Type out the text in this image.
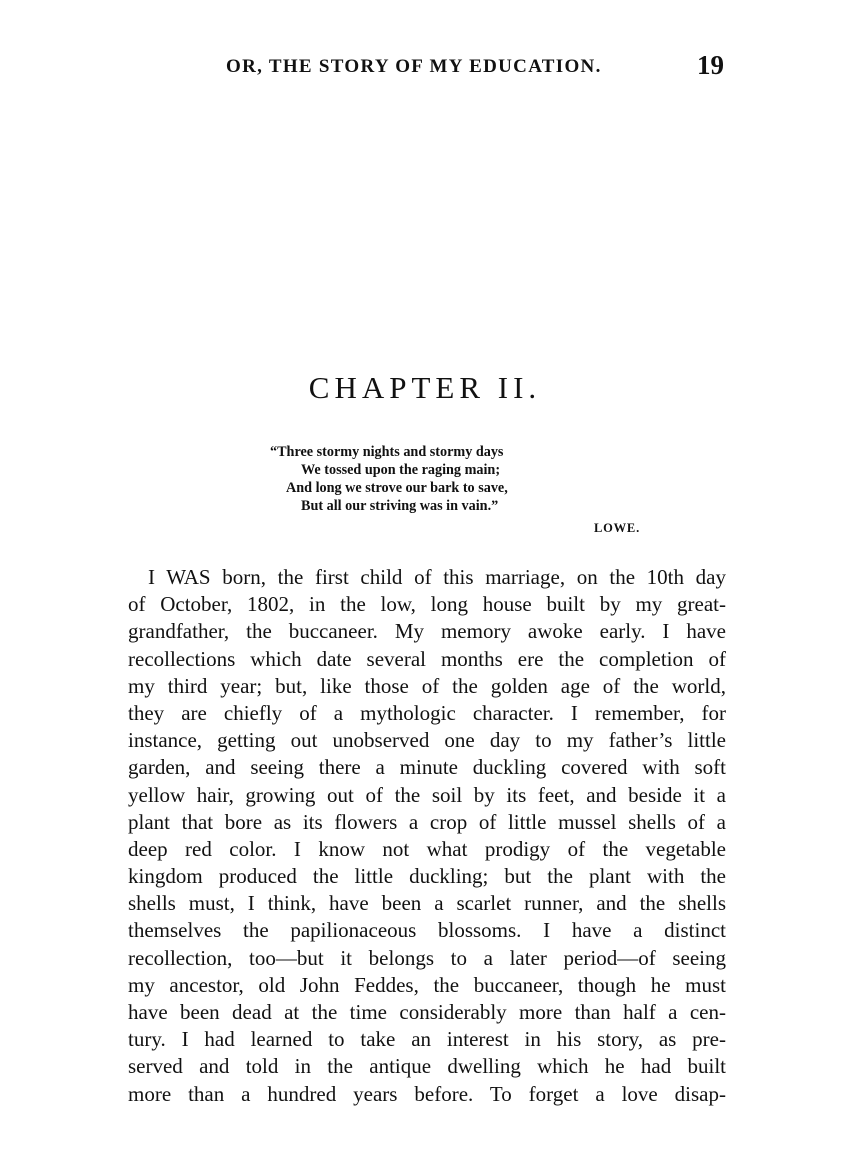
OR, THE STORY OF MY EDUCATION.	19
CHAPTER II.
“Three stormy nights and stormy days
We tossed upon the raging main;
And long we strove our bark to save,
But all our striving was in vain.”
LOWE.
I WAS born, the first child of this marriage, on the 10th day
of October, 1802, in the low, long house built by my great-
grandfather, the buccaneer. My memory awoke early. I have
recollections which date several months ere the completion of
my third year; but, like those of the golden age of the world,
they are chiefly of a mythologic character. I remember, for
instance, getting out unobserved one day to my father’s little
garden, and seeing there a minute duckling covered with soft
yellow hair, growing out of the soil by its feet, and beside it a
plant that bore as its flowers a crop of little mussel shells of a
deep red color. I know not what prodigy of the vegetable
kingdom produced the little duckling; but the plant with the
shells must, I think, have been a scarlet runner, and the shells
themselves the papilionaceous blossoms. I have a distinct
recollection, too—but it belongs to a later period—of seeing
my ancestor, old John Feddes, the buccaneer, though he must
have been dead at the time considerably more than half a cen-
tury. I had learned to take an interest in his story, as pre-
served and told in the antique dwelling which he had built
more than a hundred years before. To forget a love disap-
